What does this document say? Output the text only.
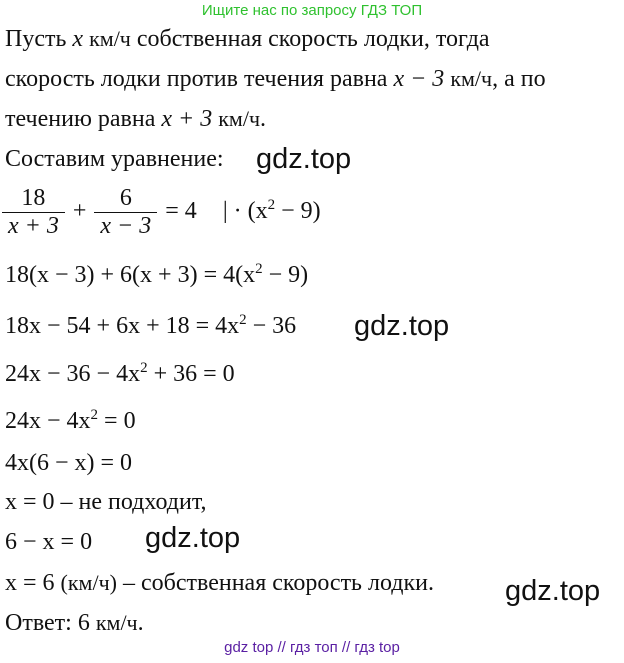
Ищите нас по запросу ГДЗ ТОП
Пусть x км/ч собственная скорость лодки, тогда
скорость лодки против течения равна x − 3 км/ч, а по
течению равна x + 3 км/ч.
Составим уравнение: gdz.top
$\frac{18}{x + 3} + \frac{6}{x - 3} = 4$ | · $(x^2 - 9)$
$18(x - 3) + 6(x + 3) = 4(x^2 - 9)$
$18x - 54 + 6x + 18 = 4x^2 - 36$ gdz.top
$24x - 36 - 4x^2 + 36 = 0$
$24x - 4x^2 = 0$
4x(6 − x) = 0
x = 0 – не подходит,
6 − x = 0 gdz.top
x = 6 (км/ч) – собственная скорость лодки. gdz.top
Ответ: 6 км/ч.
gdz top // гдз топ // гдз top
